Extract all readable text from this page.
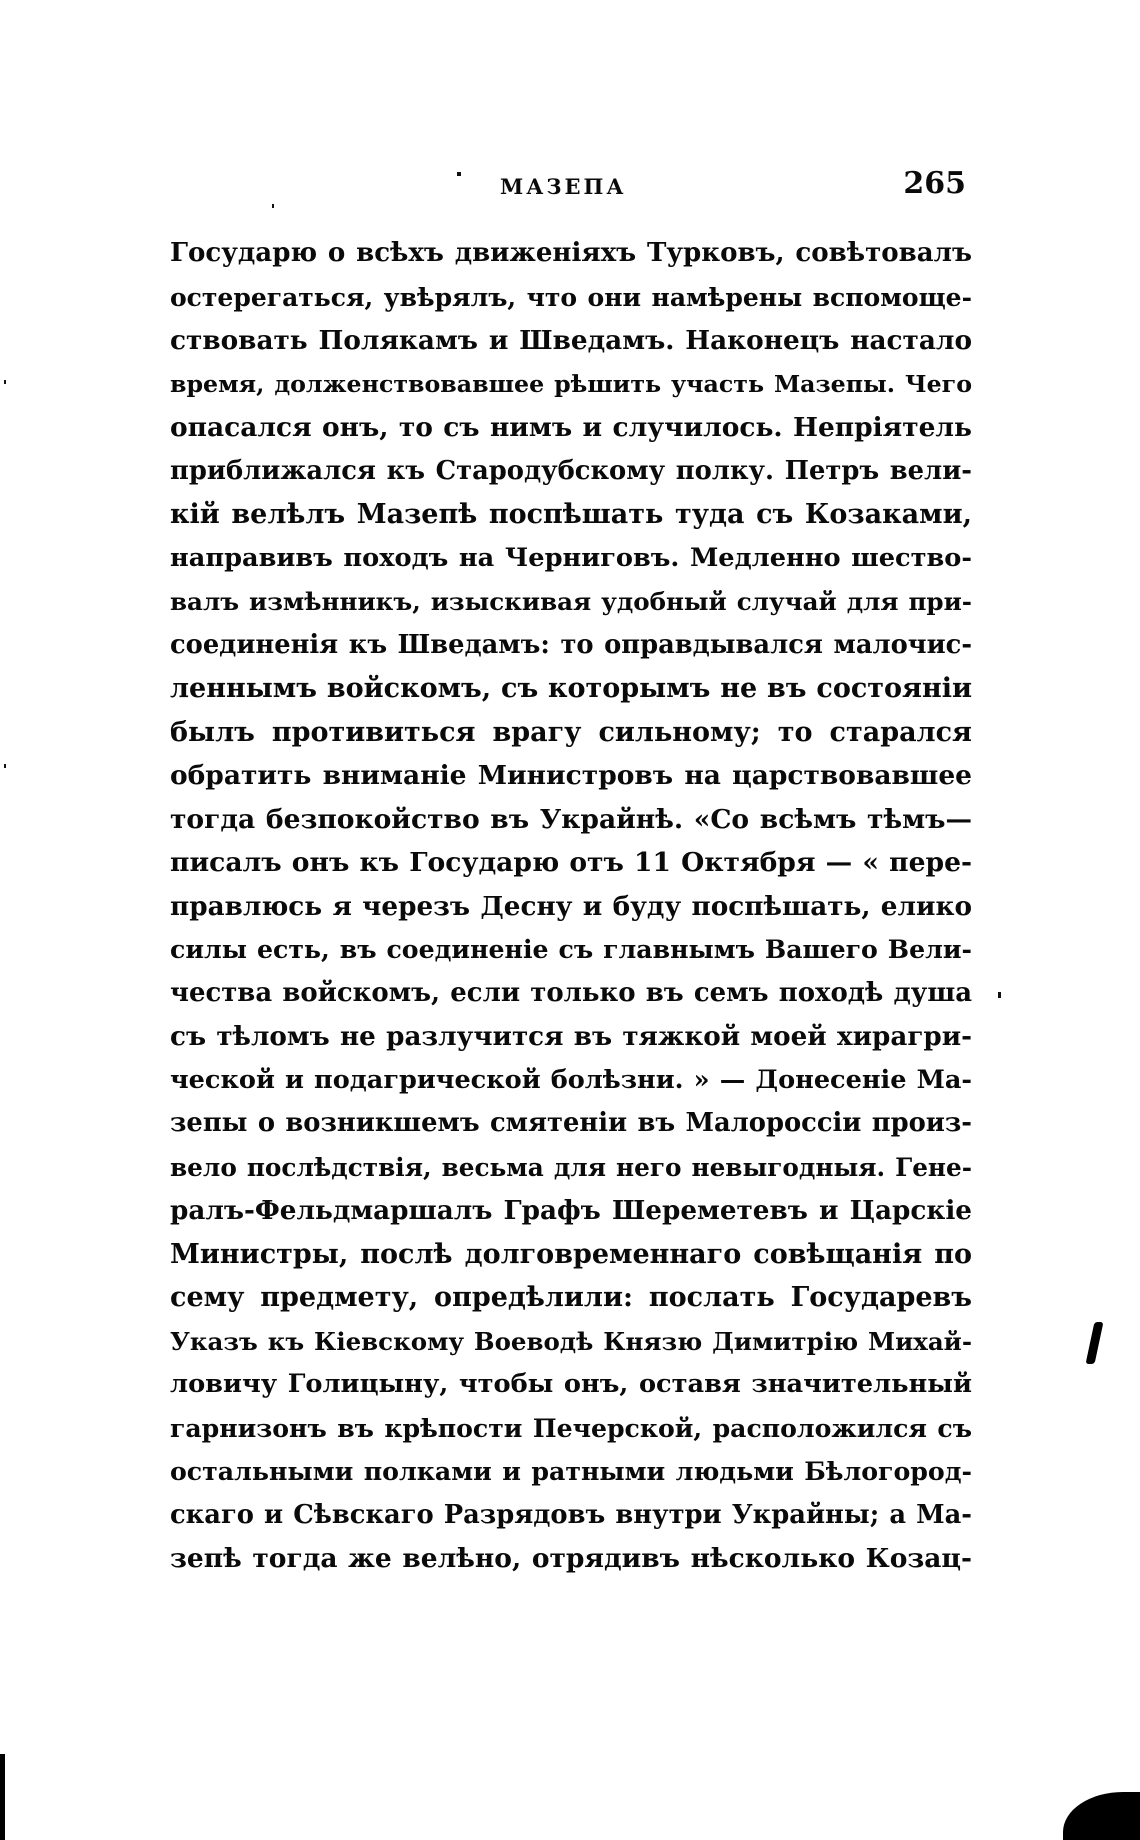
МАЗЕПА	265
Государю о всѣхъ движеніяхъ Турковъ, совѣтовалъ
остерегаться, увѣрялъ, что они намѣрены вспомоще-
ствовать Полякамъ и Шведамъ. Наконецъ настало
время, долженствовавшее рѣшить участь Мазепы. Чего
опасался онъ, то съ нимъ и случилось. Непріятель
приближался къ Стародубскому полку. Петръ вели-
кій велѣлъ Мазепѣ поспѣшать туда съ Козаками,
направивъ походъ на Черниговъ. Медленно шество-
валъ измѣнникъ, изыскивая удобный случай для при-
соединенія къ Шведамъ: то оправдывался малочис-
леннымъ войскомъ, съ которымъ не въ состояніи
былъ противиться врагу сильному; то старался
обратить вниманіе Министровъ на царствовавшее
тогда безпокойство въ Украйнѣ. «Со всѣмъ тѣмъ—
писалъ онъ къ Государю отъ 11 Октября — « пере-
правлюсь я черезъ Десну и буду поспѣшать, елико
силы есть, въ соединеніе съ главнымъ Вашего Вели-
чества войскомъ, если только въ семъ походѣ душа
съ тѣломъ не разлучится въ тяжкой моей хирагри-
ческой и подагрической болѣзни. » — Донесеніе Ма-
зепы о возникшемъ смятеніи въ Малороссіи произ-
вело послѣдствія, весьма для него невыгодныя. Гене-
ралъ-Фельдмаршалъ Графъ Шереметевъ и Царскіе
Министры, послѣ долговременнаго совѣщанія по
сему предмету, опредѣлили: послать Государевъ
Указъ къ Кіевскому Воеводѣ Князю Димитрію Михай-
ловичу Голицыну, чтобы онъ, оставя значительный
гарнизонъ въ крѣпости Печерской, расположился съ
остальными полками и ратными людьми Бѣлогород-
скаго и Сѣвскаго Разрядовъ внутри Украйны; а Ма-
зепѣ тогда же велѣно, отрядивъ нѣсколько Козац-
